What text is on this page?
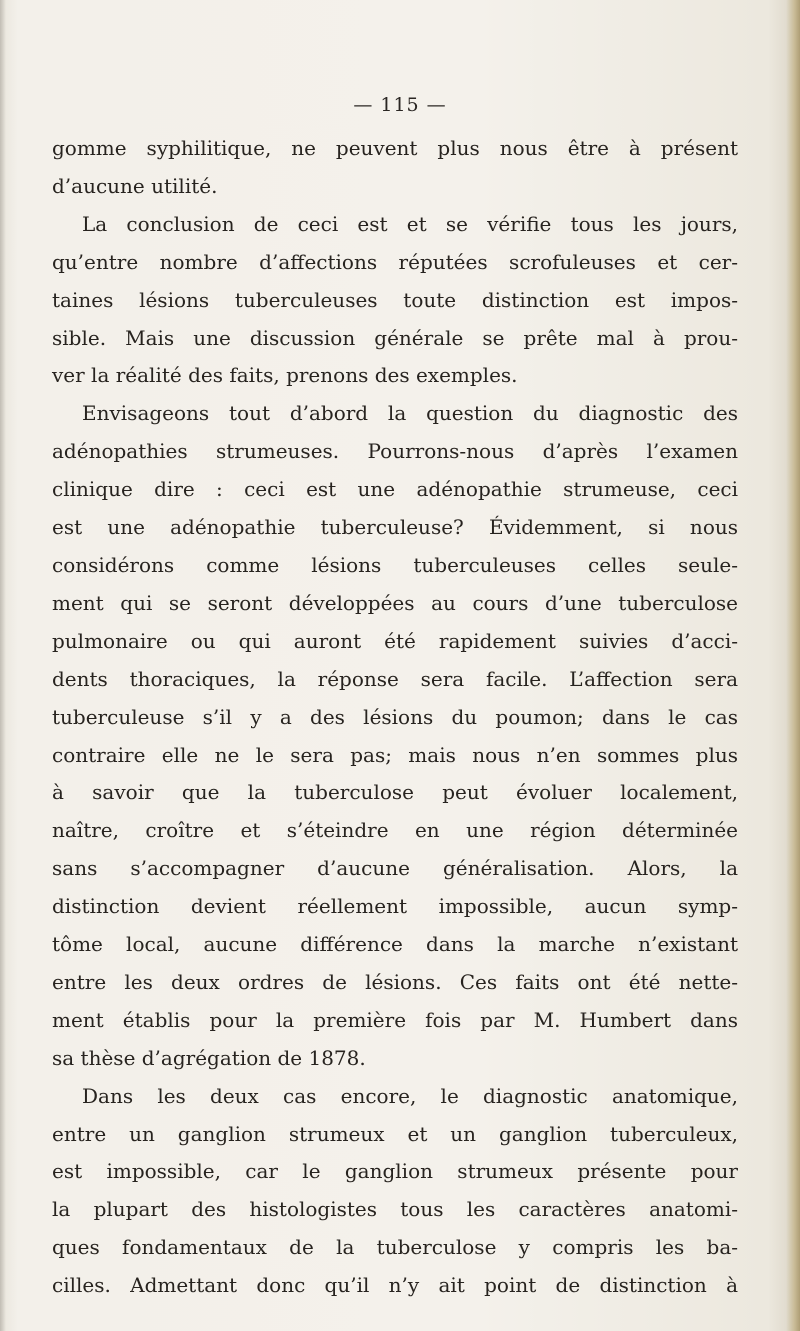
— 115 —
gomme syphilitique, ne peuvent plus nous être à présent
d’aucune utilité.
La conclusion de ceci est et se vérifie tous les jours,
qu’entre nombre d’affections réputées scrofuleuses et cer-
taines lésions tuberculeuses toute distinction est impos-
sible. Mais une discussion générale se prête mal à prou-
ver la réalité des faits, prenons des exemples.
Envisageons tout d’abord la question du diagnostic des
adénopathies strumeuses. Pourrons-nous d’après l’examen
clinique dire : ceci est une adénopathie strumeuse, ceci
est une adénopathie tuberculeuse? Évidemment, si nous
considérons comme lésions tuberculeuses celles seule-
ment qui se seront développées au cours d’une tuberculose
pulmonaire ou qui auront été rapidement suivies d’acci-
dents thoraciques, la réponse sera facile. L’affection sera
tuberculeuse s’il y a des lésions du poumon; dans le cas
contraire elle ne le sera pas; mais nous n’en sommes plus
à savoir que la tuberculose peut évoluer localement,
naître, croître et s’éteindre en une région déterminée
sans s’accompagner d’aucune généralisation. Alors, la
distinction devient réellement impossible, aucun symp-
tôme local, aucune différence dans la marche n’existant
entre les deux ordres de lésions. Ces faits ont été nette-
ment établis pour la première fois par M. Humbert dans
sa thèse d’agrégation de 1878.
Dans les deux cas encore, le diagnostic anatomique,
entre un ganglion strumeux et un ganglion tuberculeux,
est impossible, car le ganglion strumeux présente pour
la plupart des histologistes tous les caractères anatomi-
ques fondamentaux de la tuberculose y compris les ba-
cilles. Admettant donc qu’il n’y ait point de distinction à
